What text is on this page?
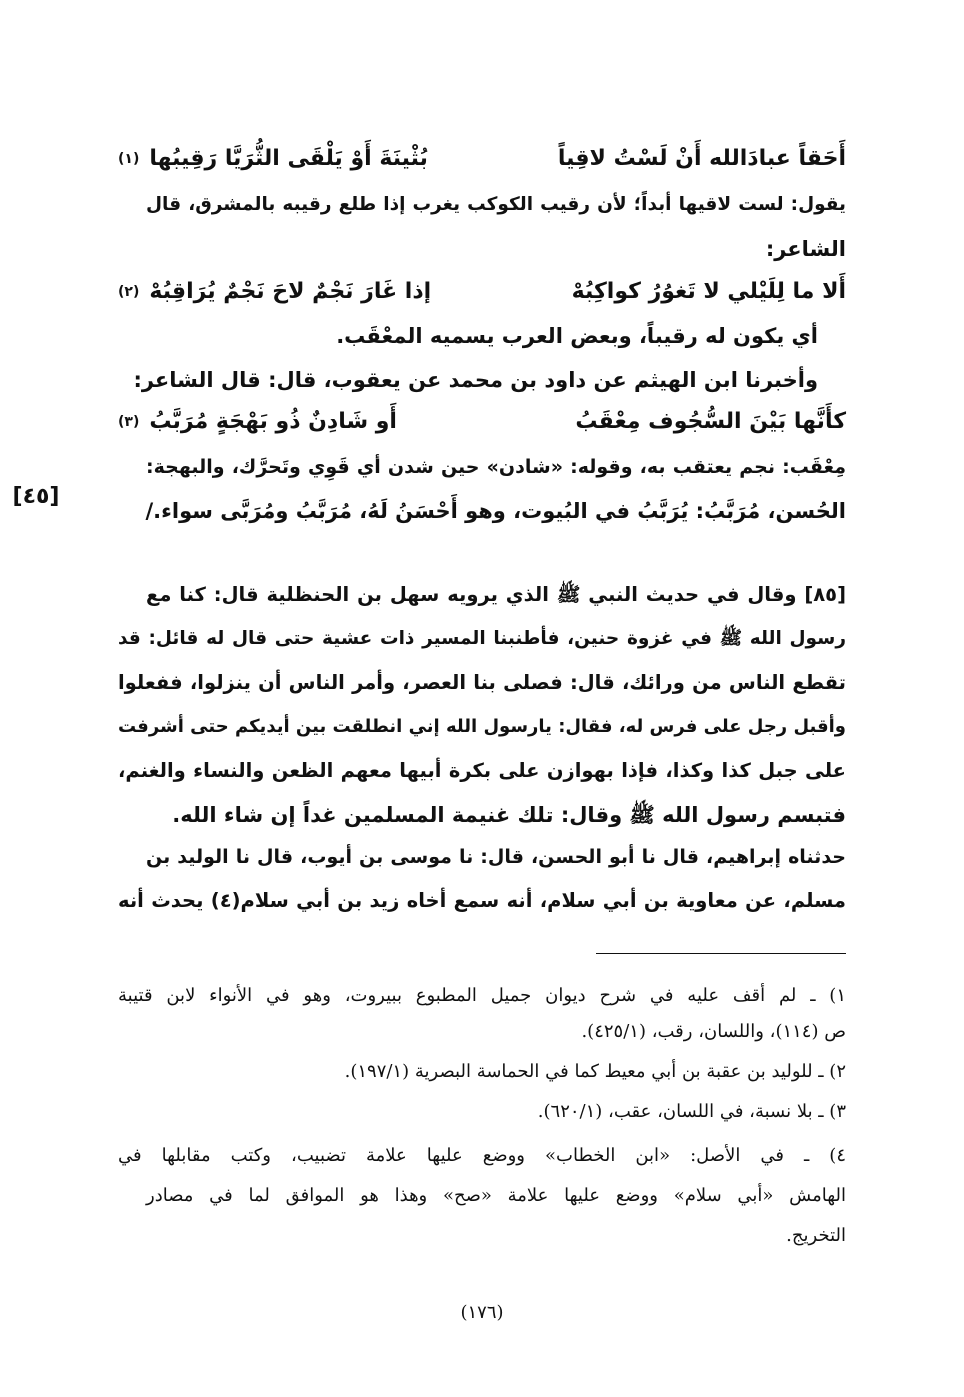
[٤٥]
أَحَقاً عبادَالله أَنْ لَسْتُ لاقِياً
بُثْينَةَ أَوْ يَلْقَى الثُّرَيَّا رَقِيبُها
(١)
يقول: لست لاقيها أبداً؛ لأن رقيب الكوكب يغرب إذا طلع رقيبه بالمشرق، قال
الشاعر:
أَلا ما لِلَيْلي لا تَغوُرُ كواكِبُهْ
إذا غَارَ نَجْمٌ لاحَ نَجْمٌ يُرَاقِبُهْ
(٢)
أي يكون له رقيباً، وبعض العرب يسميه المعْقَب.
وأخبرنا ابن الهيثم عن داود بن محمد عن يعقوب، قال: قال الشاعر:
كأَنَّها بَيْنَ السُّجُوف مِعْقَبُ
أَو شَادِنٌ ذُو بَهْجَةٍ مُرَبَّبُ
(٣)
مِعْقَب: نجم يعتقب به، وقوله: «شادن» حين شدن أي قَوِي وتَحرَّك، والبهجة:
الحُسن، مُرَبَّبُ: يُرَبَّبُ في البُيوت، وهو أَحْسَنُ لَهُ، مُرَبَّبُ ومُرَبَّى سواء./
[٨٥] وقال في حديث النبي ﷺ الذي يرويه سهل بن الحنظلية قال: كنا مع
رسول الله ﷺ في غزوة حنين، فأطنبنا المسير ذات عشية حتى قال له قائل: قد
تقطع الناس من ورائك، قال: فصلى بنا العصر، وأمر الناس أن ينزلوا، ففعلوا
وأقبل رجل على فرس له، فقال: يارسول الله إني انطلقت بين أيديكم حتى أشرفت
على جبل كذا وكذا، فإذا بهوازن على بكرة أبيها معهم الظعن والنساء والغنم،
فتبسم رسول الله ﷺ وقال: تلك غنيمة المسلمين غداً إن شاء الله.
حدثناه إبراهيم، قال نا أبو الحسن، قال: نا موسى بن أيوب، قال نا الوليد بن
مسلم، عن معاوية بن أبي سلام، أنه سمع أخاه زيد بن أبي سلام(٤) يحدث أنه
١) ـ لم أقف عليه في شرح ديوان جميل المطبوع ببيروت، وهو في الأنواء لابن قتيبة
ص (١١٤)، واللسان، رقب، (٤٢٥/١).
٢) ـ للوليد بن عقبة بن أبي معيط كما في الحماسة البصرية (١٩٧/١).
٣) ـ بلا نسبة، في اللسان، عقب، (٦٢٠/١).
٤) ـ في الأصل: «ابن الخطاب» ووضع عليها علامة تضبيب، وكتب مقابلها في
الهامش «أبي سلام» ووضع عليها علامة «صح» وهذا هو الموافق لما في مصادر
التخريج.
(١٧٦)
